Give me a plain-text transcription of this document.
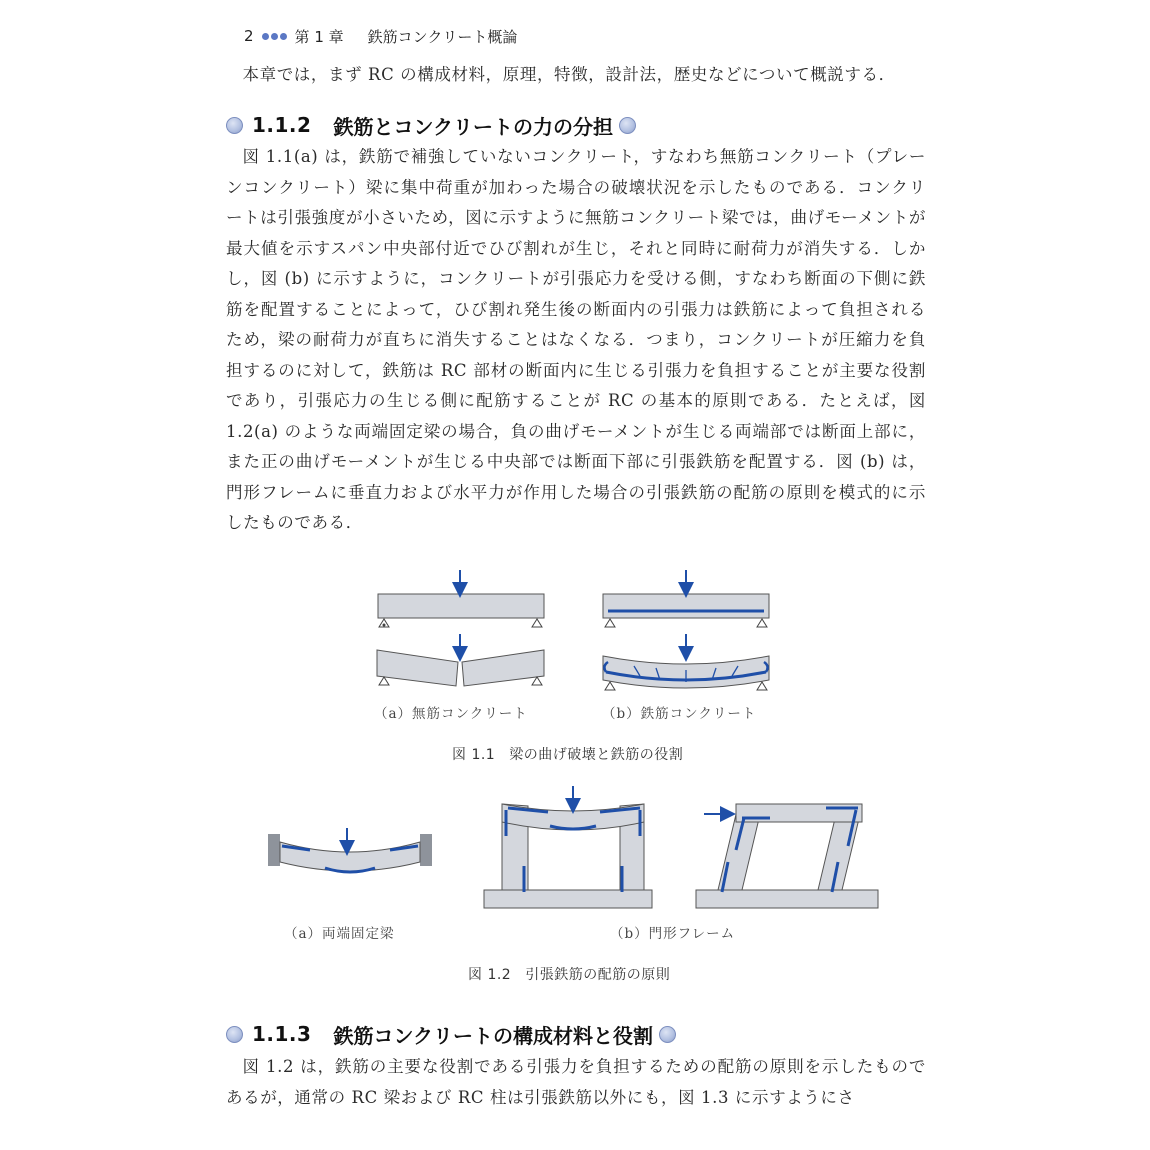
2	第 1 章 鉄筋コンクリート概論

本章では，まず RC の構成材料，原理，特徴，設計法，歴史などについて概説する．

1.1.2 鉄筋とコンクリートの力の分担

図 1.1(a) は，鉄筋で補強していないコンクリート，すなわち無筋コンクリート（プレーンコンクリート）梁に集中荷重が加わった場合の破壊状況を示したものである．コンクリートは引張強度が小さいため，図に示すように無筋コンクリート梁では，曲げモーメントが最大値を示すスパン中央部付近でひび割れが生じ，それと同時に耐荷力が消失する．しかし，図 (b) に示すように，コンクリートが引張応力を受ける側，すなわち断面の下側に鉄筋を配置することによって，ひび割れ発生後の断面内の引張力は鉄筋によって負担されるため，梁の耐荷力が直ちに消失することはなくなる．つまり，コンクリートが圧縮力を負担するのに対して，鉄筋は RC 部材の断面内に生じる引張力を負担することが主要な役割であり，引張応力の生じる側に配筋することが RC の基本的原則である．たとえば，図 1.2(a) のような両端固定梁の場合，負の曲げモーメントが生じる両端部では断面上部に，また正の曲げモーメントが生じる中央部では断面下部に引張鉄筋を配置する．図 (b) は，門形フレームに垂直力および水平力が作用した場合の引張鉄筋の配筋の原則を模式的に示したものである．

（a）無筋コンクリート	（b）鉄筋コンクリート
図 1.1 梁の曲げ破壊と鉄筋の役割
（a）両端固定梁	（b）門形フレーム
図 1.2 引張鉄筋の配筋の原則
1.1.3 鉄筋コンクリートの構成材料と役割

図 1.2 は，鉄筋の主要な役割である引張力を負担するための配筋の原則を示したものであるが，通常の RC 梁および RC 柱は引張鉄筋以外にも，図 1.3 に示すようにさ
